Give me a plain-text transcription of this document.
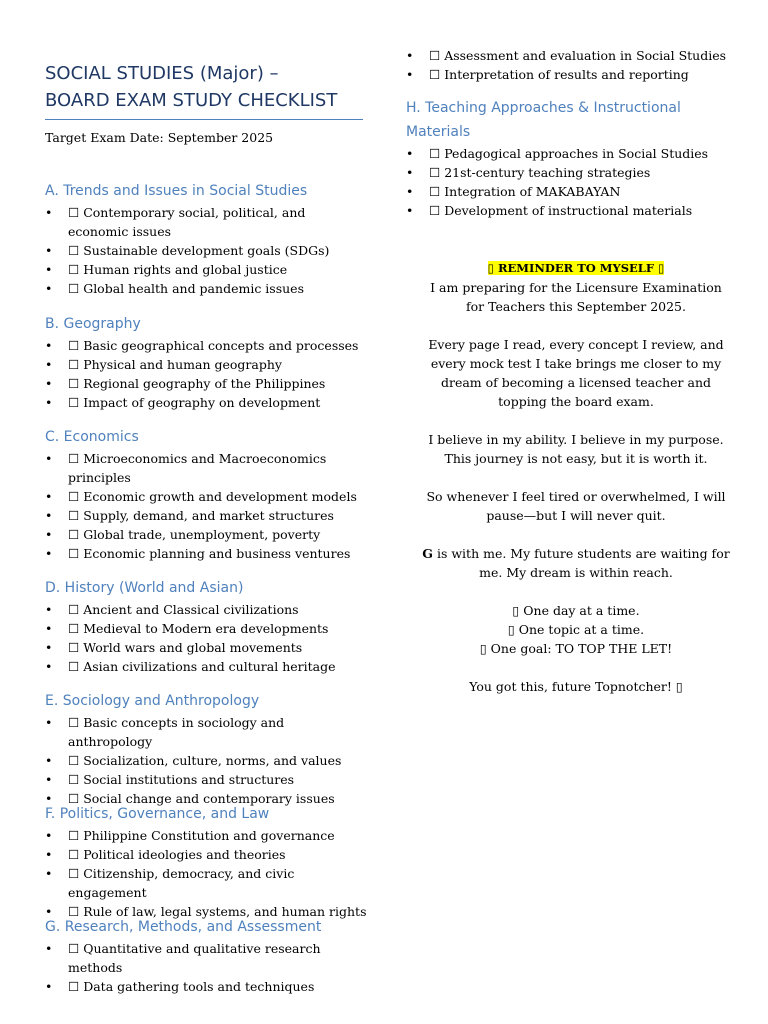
SOCIAL STUDIES (Major) –
BOARD EXAM STUDY CHECKLIST
Target Exam Date: September 2025
A. Trends and Issues in Social Studies
•	☐ Contemporary social, political, and economic issues
•	☐ Sustainable development goals (SDGs)
•	☐ Human rights and global justice
•	☐ Global health and pandemic issues
B. Geography
•	☐ Basic geographical concepts and processes
•	☐ Physical and human geography
•	☐ Regional geography of the Philippines
•	☐ Impact of geography on development
C. Economics
•	☐ Microeconomics and Macroeconomics principles
•	☐ Economic growth and development models
•	☐ Supply, demand, and market structures
•	☐ Global trade, unemployment, poverty
•	☐ Economic planning and business ventures
D. History (World and Asian)
•	☐ Ancient and Classical civilizations
•	☐ Medieval to Modern era developments
•	☐ World wars and global movements
•	☐ Asian civilizations and cultural heritage
E. Sociology and Anthropology
•	☐ Basic concepts in sociology and anthropology
•	☐ Socialization, culture, norms, and values
•	☐ Social institutions and structures
•	☐ Social change and contemporary issues
F. Politics, Governance, and Law
•	☐ Philippine Constitution and governance
•	☐ Political ideologies and theories
•	☐ Citizenship, democracy, and civic engagement
•	☐ Rule of law, legal systems, and human rights
G. Research, Methods, and Assessment
•	☐ Quantitative and qualitative research methods
•	☐ Data gathering tools and techniques
•	☐ Assessment and evaluation in Social Studies
•	☐ Interpretation of results and reporting
H. Teaching Approaches & Instructional
Materials
•	☐ Pedagogical approaches in Social Studies
•	☐ 21st-century teaching strategies
•	☐ Integration of MAKABAYAN
•	☐ Development of instructional materials

▯ REMINDER TO MYSELF ▯

I am preparing for the Licensure Examination for Teachers this September 2025.

Every page I read, every concept I review, and every mock test I take brings me closer to my dream of becoming a licensed teacher and topping the board exam.

I believe in my ability. I believe in my purpose. This journey is not easy, but it is worth it.

So whenever I feel tired or overwhelmed, I will pause—but I will never quit.

G is with me. My future students are waiting for me. My dream is within reach.

▯ One day at a time.
▯ One topic at a time.
▯ One goal: TO TOP THE LET!

You got this, future Topnotcher! ▯
